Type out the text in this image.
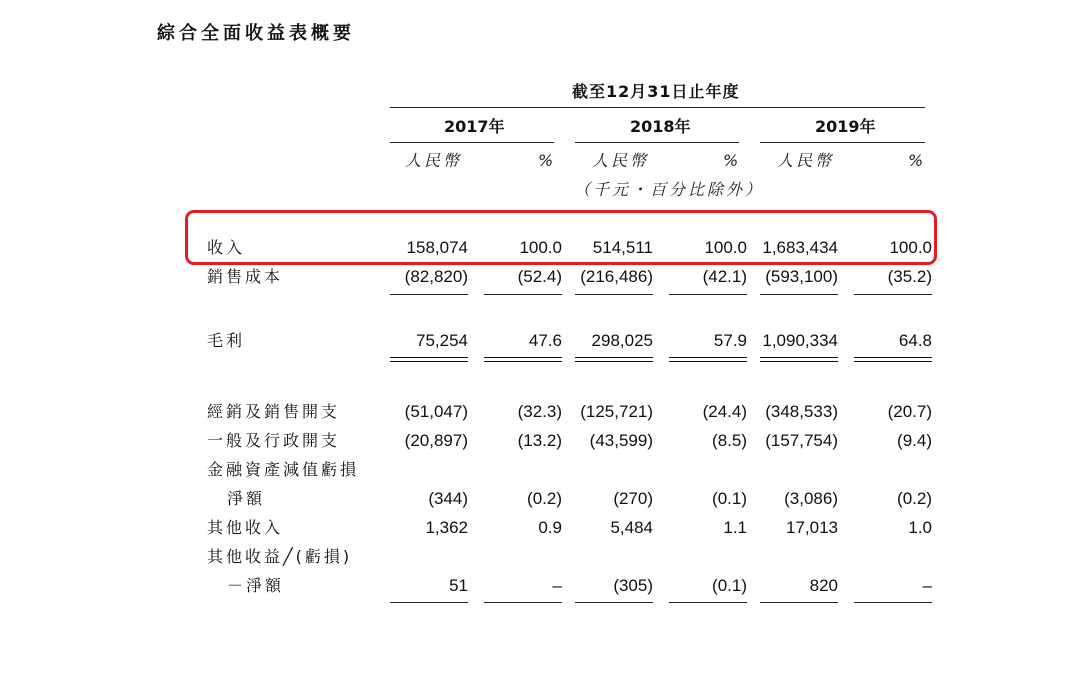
綜合全面收益表概要
截至12月31日止年度
2017年	2018年	2019年
人民幣	% 人民幣	% 人民幣	%
（千元・百分比除外）
收入	158,074	100.0	514,511	100.0 1,683,434	100.0
銷售成本	(82,820)	(52.4)	(216,486)	(42.1)	(593,100)	(35.2)
毛利	75,254	47.6	298,025	57.9 1,090,334	64.8
經銷及銷售開支	(51,047)	(32.3)	(125,721)	(24.4)	(348,533)	(20.7)
一般及行政開支	(20,897)	(13.2)	(43,599)	(8.5)	(157,754)	(9.4)
金融資產減值虧損
淨額	(344)	(0.2)	(270)	(0.1)	(3,086)	(0.2)
其他收入	1,362	0.9	5,484	1.1	17,013	1.0
其他收益╱(虧損)
－淨額	51	–	(305)	(0.1)	820	–
